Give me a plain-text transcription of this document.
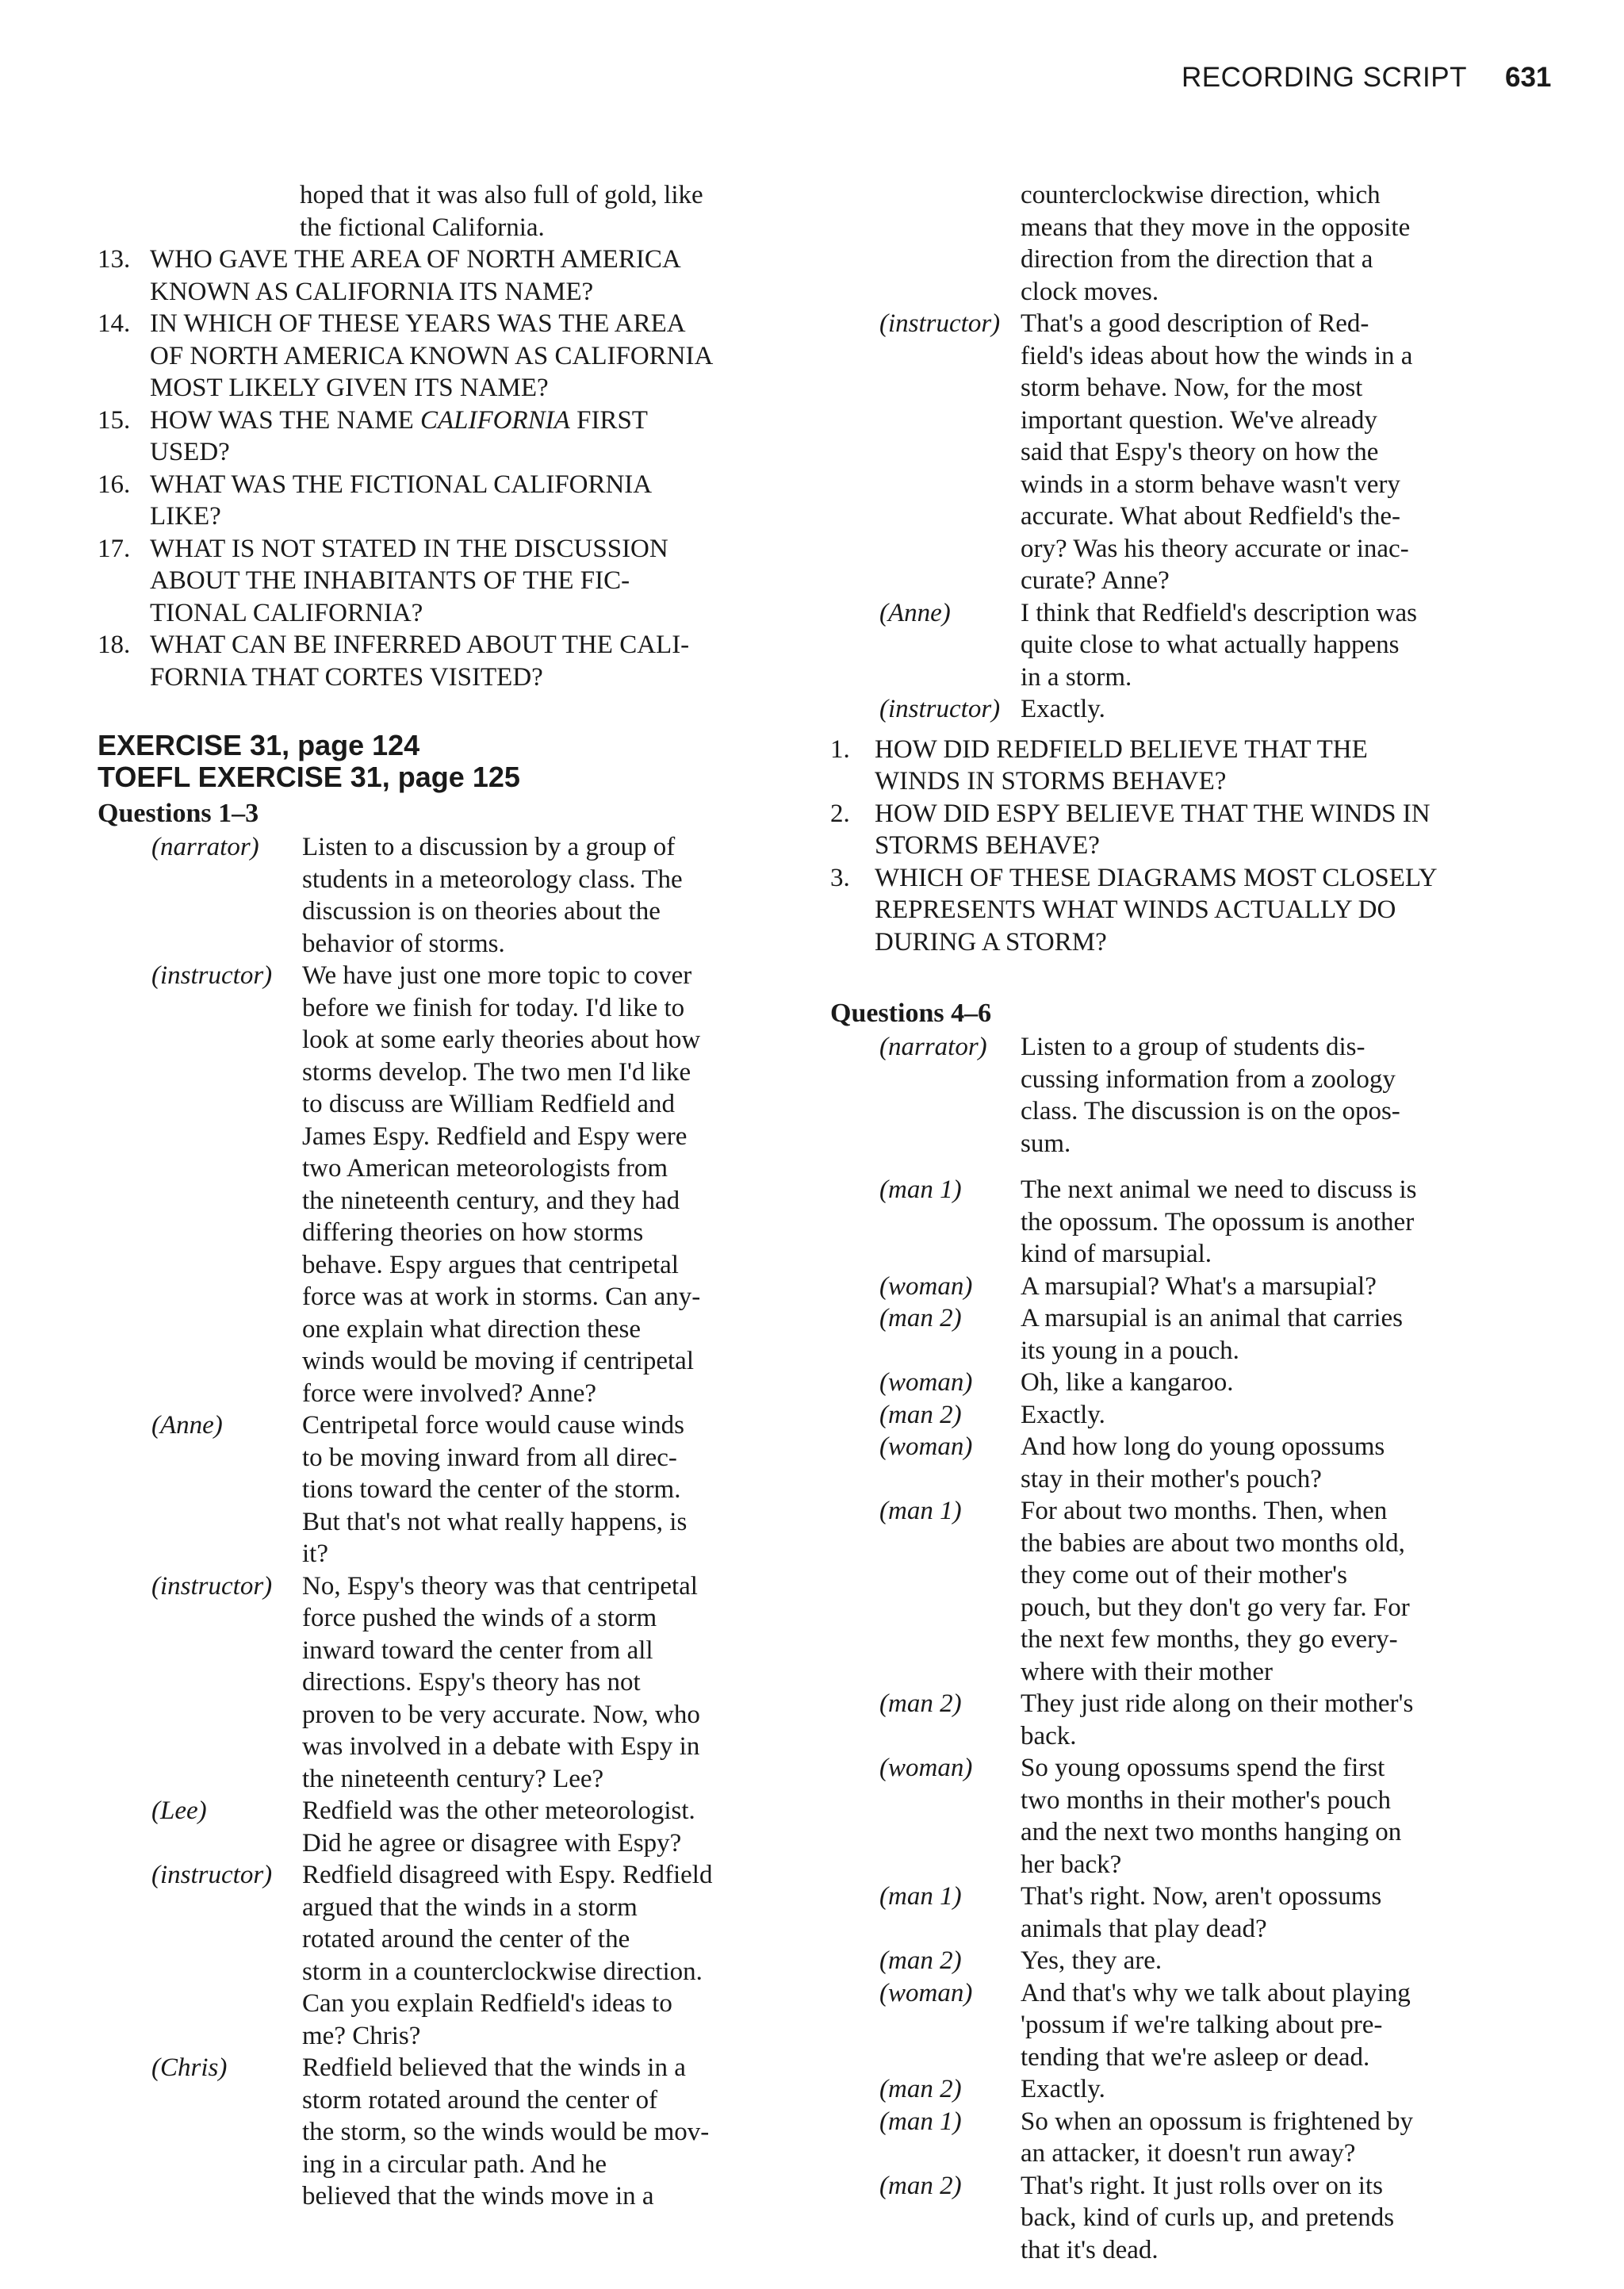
RECORDING SCRIPT 631
hoped that it was also full of gold, like
the fictional California.
13. WHO GAVE THE AREA OF NORTH AMERICA
KNOWN AS CALIFORNIA ITS NAME?
14. IN WHICH OF THESE YEARS WAS THE AREA
OF NORTH AMERICA KNOWN AS CALIFORNIA
MOST LIKELY GIVEN ITS NAME?
15. HOW WAS THE NAME CALIFORNIA FIRST
USED?
16. WHAT WAS THE FICTIONAL CALIFORNIA
LIKE?
17. WHAT IS NOT STATED IN THE DISCUSSION
ABOUT THE INHABITANTS OF THE FIC-
TIONAL CALIFORNIA?
18. WHAT CAN BE INFERRED ABOUT THE CALI-
FORNIA THAT CORTES VISITED?
EXERCISE 31, page 124
TOEFL EXERCISE 31, page 125
Questions 1–3
(narrator)	Listen to a discussion by a group of
students in a meteorology class. The
discussion is on theories about the
behavior of storms.
(instructor)	We have just one more topic to cover
before we finish for today. I'd like to
look at some early theories about how
storms develop. The two men I'd like
to discuss are William Redfield and
James Espy. Redfield and Espy were
two American meteorologists from
the nineteenth century, and they had
differing theories on how storms
behave. Espy argues that centripetal
force was at work in storms. Can any-
one explain what direction these
winds would be moving if centripetal
force were involved? Anne?
(Anne)	Centripetal force would cause winds
to be moving inward from all direc-
tions toward the center of the storm.
But that's not what really happens, is
it?
(instructor)	No, Espy's theory was that centripetal
force pushed the winds of a storm
inward toward the center from all
directions. Espy's theory has not
proven to be very accurate. Now, who
was involved in a debate with Espy in
the nineteenth century? Lee?
(Lee)	Redfield was the other meteorologist.
Did he agree or disagree with Espy?
(instructor)	Redfield disagreed with Espy. Redfield
argued that the winds in a storm
rotated around the center of the
storm in a counterclockwise direction.
Can you explain Redfield's ideas to
me? Chris?
(Chris)	Redfield believed that the winds in a
storm rotated around the center of
the storm, so the winds would be mov-
ing in a circular path. And he
believed that the winds move in a
counterclockwise direction, which
means that they move in the opposite
direction from the direction that a
clock moves.
(instructor) That's a good description of Red-
field's ideas about how the winds in a
storm behave. Now, for the most
important question. We've already
said that Espy's theory on how the
winds in a storm behave wasn't very
accurate. What about Redfield's the-
ory? Was his theory accurate or inac-
curate? Anne?
(Anne)	I think that Redfield's description was
quite close to what actually happens
in a storm.
(instructor) Exactly.
1. HOW DID REDFIELD BELIEVE THAT THE
WINDS IN STORMS BEHAVE?
2. HOW DID ESPY BELIEVE THAT THE WINDS IN
STORMS BEHAVE?
3. WHICH OF THESE DIAGRAMS MOST CLOSELY
REPRESENTS WHAT WINDS ACTUALLY DO
DURING A STORM?
Questions 4–6
(narrator)	Listen to a group of students dis-
cussing information from a zoology
class. The discussion is on the opos-
sum.
(man 1)	The next animal we need to discuss is
the opossum. The opossum is another
kind of marsupial.
(woman)	A marsupial? What's a marsupial?
(man 2)	A marsupial is an animal that carries
its young in a pouch.
(woman)	Oh, like a kangaroo.
(man 2)	Exactly.
(woman)	And how long do young opossums
stay in their mother's pouch?
(man 1)	For about two months. Then, when
the babies are about two months old,
they come out of their mother's
pouch, but they don't go very far. For
the next few months, they go every-
where with their mother
(man 2)	They just ride along on their mother's
back.
(woman)	So young opossums spend the first
two months in their mother's pouch
and the next two months hanging on
her back?
(man 1)	That's right. Now, aren't opossums
animals that play dead?
(man 2)	Yes, they are.
(woman)	And that's why we talk about playing
'possum if we're talking about pre-
tending that we're asleep or dead.
(man 2)	Exactly.
(man 1)	So when an opossum is frightened by
an attacker, it doesn't run away?
(man 2)	That's right. It just rolls over on its
back, kind of curls up, and pretends
that it's dead.
